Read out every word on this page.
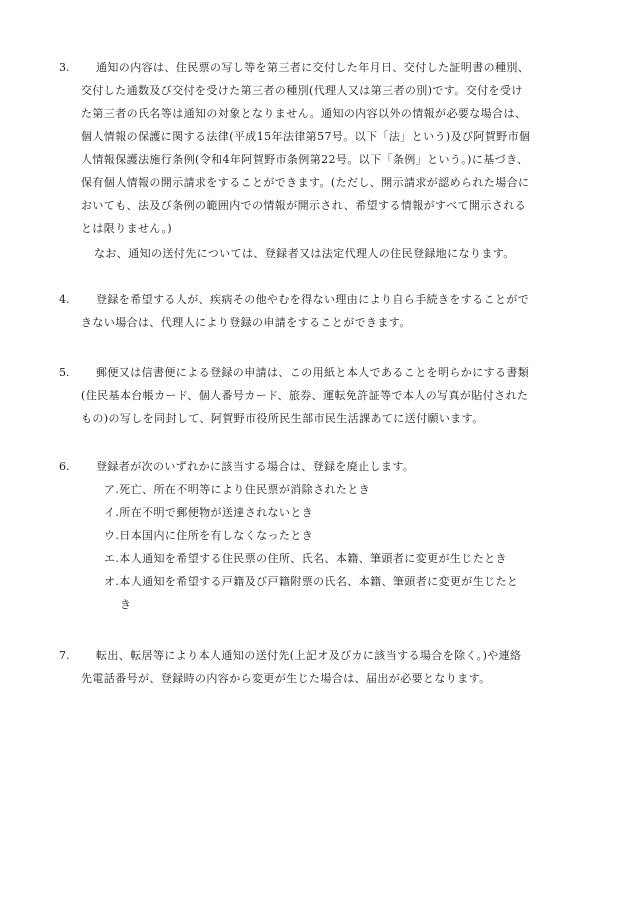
3. 通知の内容は、住民票の写し等を第三者に交付した年月日、交付した証明書の種別、
交付した通数及び交付を受けた第三者の種別(代理人又は第三者の別)です。交付を受け
た第三者の氏名等は通知の対象となりません。通知の内容以外の情報が必要な場合は、
個人情報の保護に関する法律(平成15年法律第57号。以下「法」という)及び阿賀野市個
人情報保護法施行条例(令和4年阿賀野市条例第22号。以下「条例」という。)に基づき、
保有個人情報の開示請求をすることができます。(ただし、開示請求が認められた場合に
おいても、法及び条例の範囲内での情報が開示され、希望する情報がすべて開示される
とは限りません。)
なお、通知の送付先については、登録者又は法定代理人の住民登録地になります。
4. 登録を希望する人が、疾病その他やむを得ない理由により自ら手続きをすることがで
きない場合は、代理人により登録の申請をすることができます。
5. 郵便又は信書便による登録の申請は、この用紙と本人であることを明らかにする書類
(住民基本台帳カード、個人番号カード、旅券、運転免許証等で本人の写真が貼付された
もの)の写しを同封して、阿賀野市役所民生部市民生活課あてに送付願います。
6. 登録者が次のいずれかに該当する場合は、登録を廃止します。
ア.死亡、所在不明等により住民票が消除されたとき
イ.所在不明で郵便物が送達されないとき
ウ.日本国内に住所を有しなくなったとき
エ.本人通知を希望する住民票の住所、氏名、本籍、筆頭者に変更が生じたとき
オ.本人通知を希望する戸籍及び戸籍附票の氏名、本籍、筆頭者に変更が生じたと
き
7. 転出、転居等により本人通知の送付先(上記オ及びカに該当する場合を除く。)や連絡
先電話番号が、登録時の内容から変更が生じた場合は、届出が必要となります。
